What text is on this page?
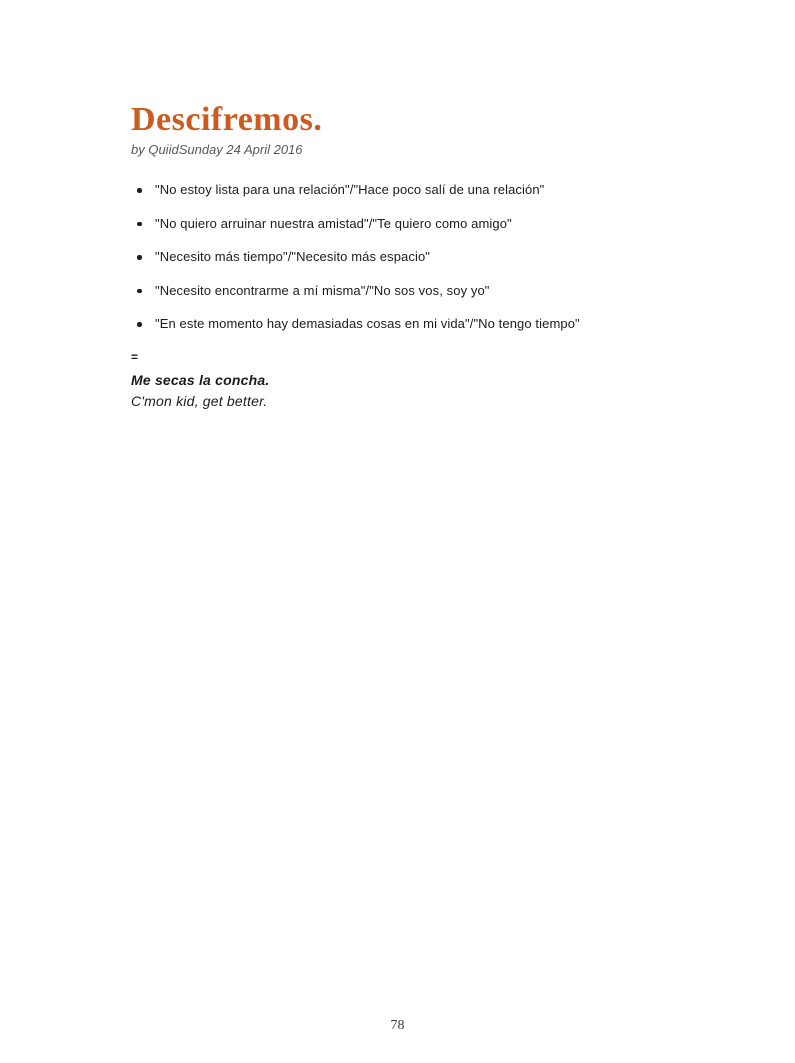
Descifremos.
by QuiidSunday 24 April 2016
"No estoy lista para una relación"/"Hace poco salí de una relación"
"No quiero arruinar nuestra amistad"/"Te quiero como amigo"
"Necesito más tiempo"/"Necesito más espacio"
"Necesito encontrarme a mí misma"/"No sos vos, soy yo"
"En este momento hay demasiadas cosas en mi vida"/"No tengo tiempo"

=

Me secas la concha.

C'mon kid, get better.

78
